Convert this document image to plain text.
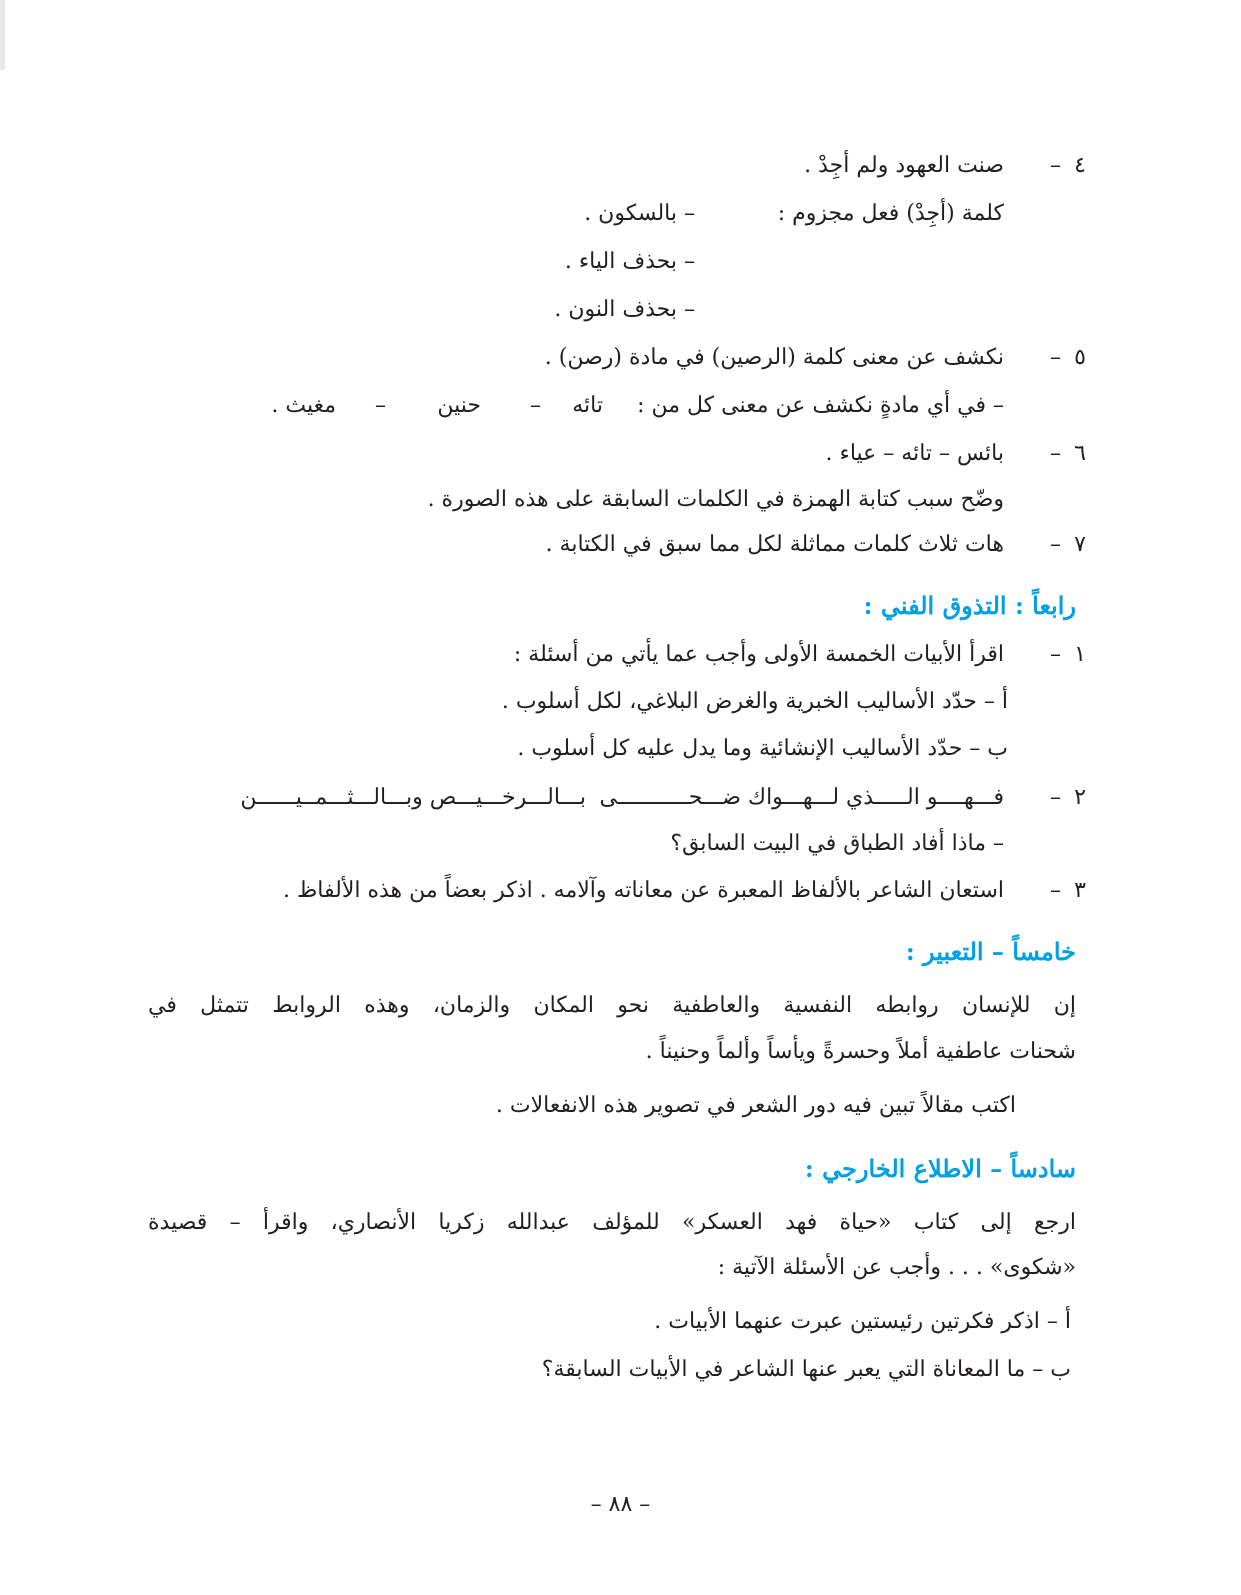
٤
–
صنت العهود ولم أجِدْ .
كلمة (أجِدْ) فعل مجزوم :
– بالسكون .
– بحذف الياء .
– بحذف النون .
٥
–
نكشف عن معنى كلمة (الرصين) في مادة (رصن) .
– في أي مادةٍ نكشف عن معنى كل من :
تائه
–
حنين
–
مغيث .
٦
–
بائس – تائه – عياء .
وضّح سبب كتابة الهمزة في الكلمات السابقة على هذه الصورة .
٧
–
هات ثلاث كلمات مماثلة لكل مما سبق في الكتابة .
رابعاً : التذوق الفني :
١
–
اقرأ الأبيات الخمسة الأولى وأجب عما يأتي من أسئلة :
أ – حدّد الأساليب الخبرية والغرض البلاغي، لكل أسلوب .
ب – حدّد الأساليب الإنشائية وما يدل عليه كل أسلوب .
٢
–
فـــهــــو الـــــذي لـــهـــواك ضـــحـــــــــــى
بـــالـــرخـــيـــص وبـــالـــثـــمــيــــــن
– ماذا أفاد الطباق في البيت السابق؟
٣
–
استعان الشاعر بالألفاظ المعبرة عن معاناته وآلامه . اذكر بعضاً من هذه الألفاظ .
خامساً – التعبير :
إن للإنسان روابطه النفسية والعاطفية نحو المكان والزمان، وهذه الروابط تتمثل في
شحنات عاطفية أملاً وحسرةً ويأساً وألماً وحنيناً .
اكتب مقالاً تبين فيه دور الشعر في تصوير هذه الانفعالات .
سادساً – الاطلاع الخارجي :
ارجع إلى كتاب «حياة فهد العسكر» للمؤلف عبدالله زكريا الأنصاري، واقرأ – قصيدة
«شكوى» . . . وأجب عن الأسئلة الآتية :
أ – اذكر فكرتين رئيستين عبرت عنهما الأبيات .
ب – ما المعاناة التي يعبر عنها الشاعر في الأبيات السابقة؟
– ٨٨ –
